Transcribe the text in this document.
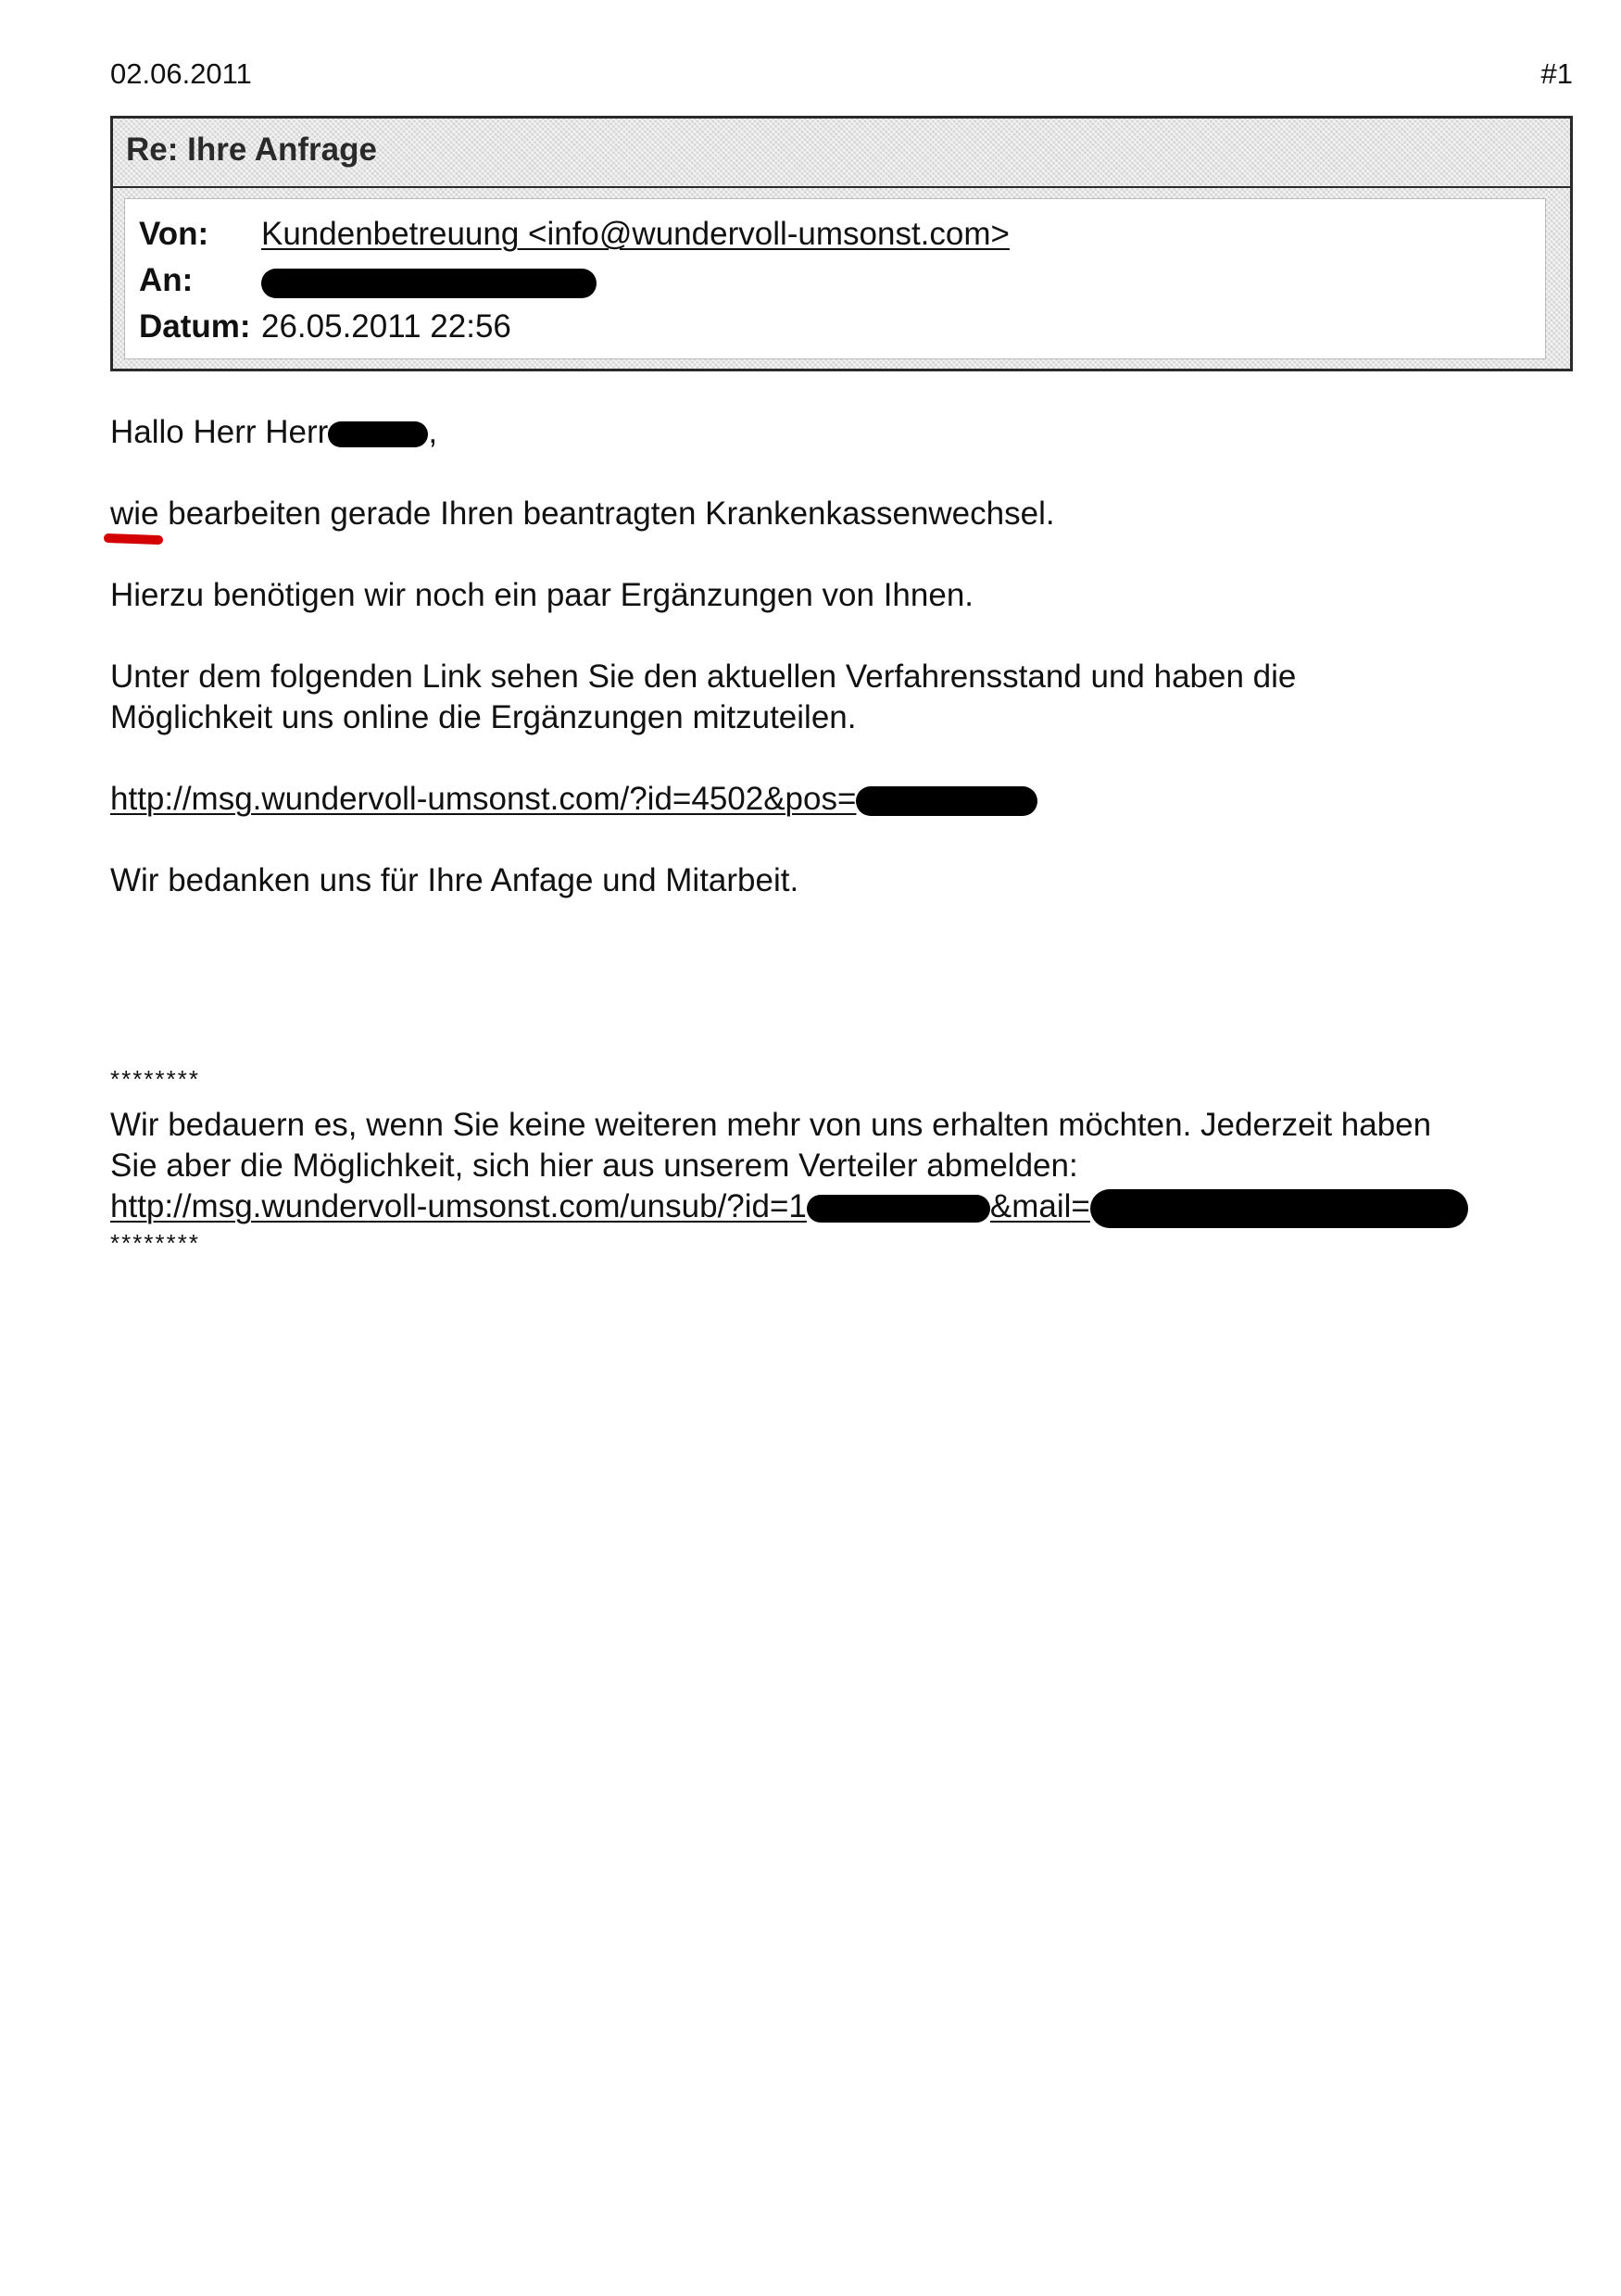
02.06.2011	#1
Re: Ihre Anfrage
Von: Kundenbetreuung <info@wundervoll-umsonst.com>
An:
Datum: 26.05.2011 22:56
Hallo Herr Herr	,
wie bearbeiten gerade Ihren beantragten Krankenkassenwechsel.
Hierzu benötigen wir noch ein paar Ergänzungen von Ihnen.
Unter dem folgenden Link sehen Sie den aktuellen Verfahrensstand und haben die
Möglichkeit uns online die Ergänzungen mitzuteilen.
http://msg.wundervoll-umsonst.com/?id=4502&pos=
Wir bedanken uns für Ihre Anfage und Mitarbeit.
********
Wir bedauern es, wenn Sie keine weiteren mehr von uns erhalten möchten. Jederzeit haben
Sie aber die Möglichkeit, sich hier aus unserem Verteiler abmelden:
http://msg.wundervoll-umsonst.com/unsub/?id=1	&mail=
********
